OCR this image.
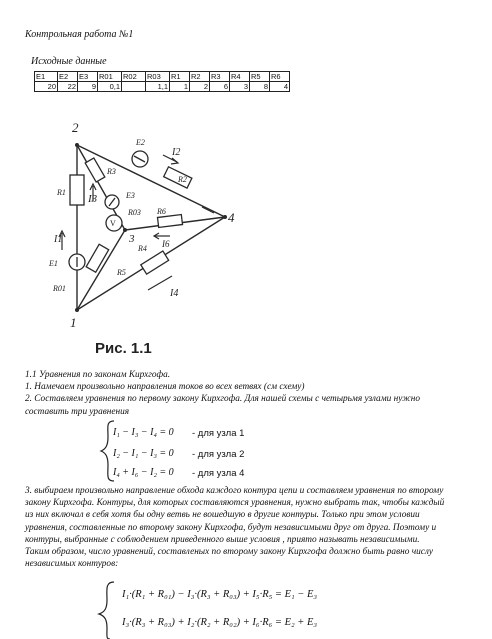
Контрольная работа №1
Исходные данные
E1	E2	E3	R01	R02	R03	R1	R2	R3	R4	R5	R6
20	22	9	0,1		1,1	1	2	6	3	8	4
2
1
3
4
R1
R01
E1
I1
R3
I3	E3
V
R5
R03 R6
I6
R4
I4
E2
R2
I2
Рис. 1.1
1.1 Уравнения по законам Кирхгофа.
1. Намечаем произвольно направления токов во всех ветвях (см схему)
2. Составляем уравнения по первому закону Кирхгофа. Для нашей схемы с четырьмя узлами нужно
составить три уравнения
I₁ − I₃ − I₄ = 0 - для узла 1
I₂ − I₁ − I₃ = 0 - для узла 2
I₄ + I₆ − I₂ = 0 - для узла 4
3. выбираем произвольно направление обхода каждого контура цепи и составляем уравнения по второму
закону Кирхгофа. Контуры, для которых составляются уравнения, нужно выбрать так, чтобы каждый
из них включал в себя хотя бы одну ветвь не вошедшую в другие контуры. Только при этом условии
уравнения, составленные по второму закону Кирхгофа, будут независимыми друг от друга. Поэтому и
контуры, выбранные с соблюдением приведенного выше условия , приято называть независимыми.
Таким образом, число уравнений, составленых по второму закону Кирхгофа должно быть равно числу
независимых контуров:
I₁·(R₁ + R₀₁) − I₃·(R₃ + R₀₃) + I₅·R₅ = E₁ − E₃
I₃·(R₃ + R₀₃) + I₂·(R₂ + R₀₂) + I₆·R₆ = E₂ + E₃
